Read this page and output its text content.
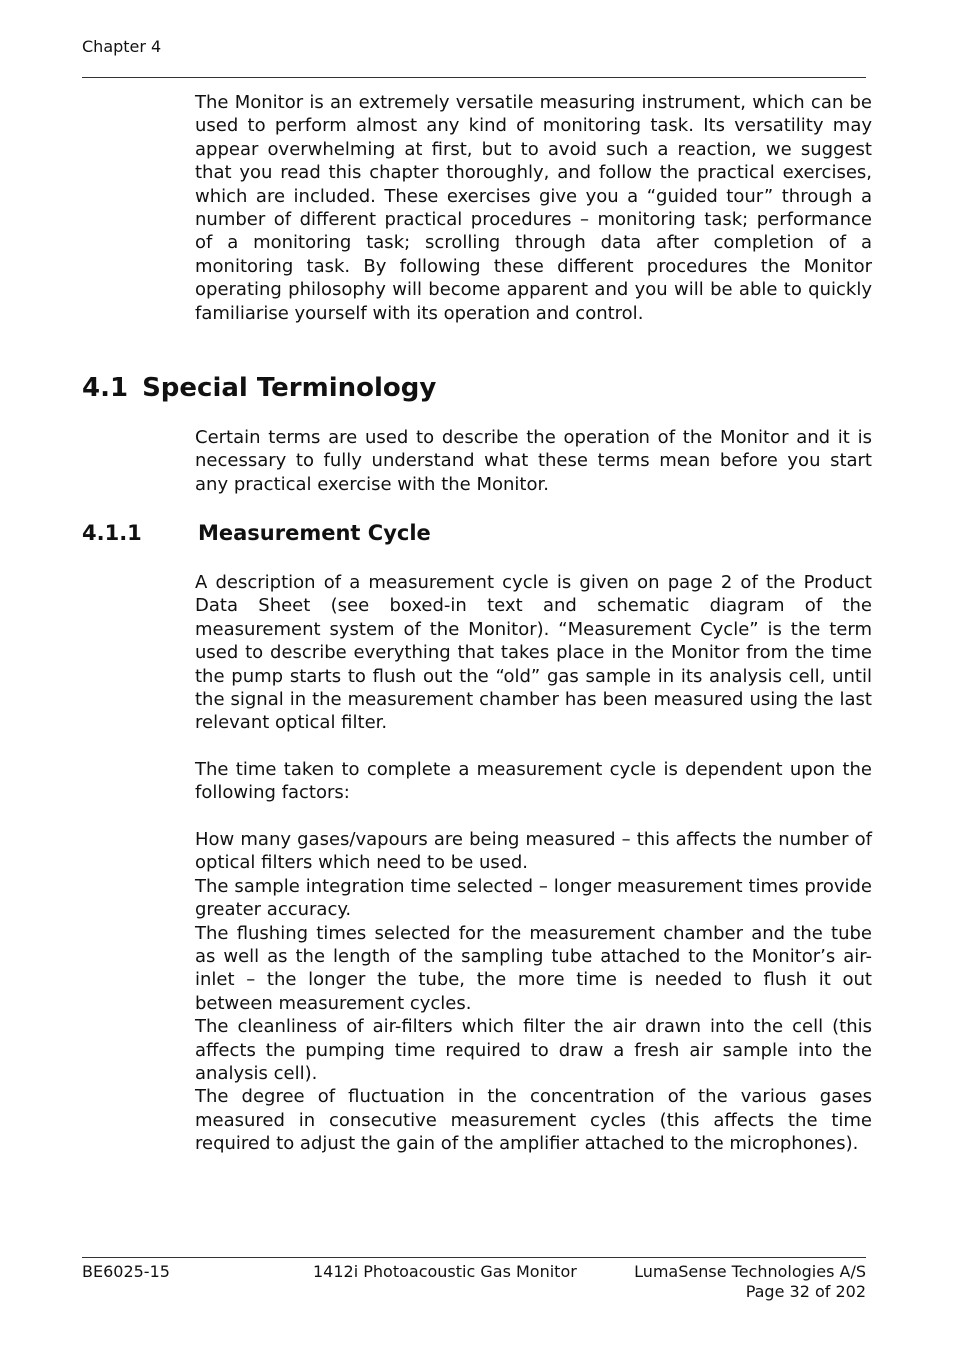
Chapter 4

The Monitor is an extremely versatile measuring instrument, which can be used to perform almost any kind of monitoring task. Its versatility may appear overwhelming at first, but to avoid such a reaction, we suggest that you read this chapter thoroughly, and follow the practical exercises, which are included. These exercises give you a “guided tour” through a number of different practical procedures – monitoring task; performance of a monitoring task; scrolling through data after completion of a monitoring task. By following these different procedures the Monitor operating philosophy will become apparent and you will be able to quickly familiarise yourself with its operation and control.

4.1 Special Terminology

Certain terms are used to describe the operation of the Monitor and it is necessary to fully understand what these terms mean before you start any practical exercise with the Monitor.

4.1.1	Measurement Cycle

A description of a measurement cycle is given on page 2 of the Product Data Sheet (see boxed-in text and schematic diagram of the measurement system of the Monitor). “Measurement Cycle” is the term used to describe everything that takes place in the Monitor from the time the pump starts to flush out the “old” gas sample in its analysis cell, until the signal in the measurement chamber has been measured using the last relevant optical filter.

The time taken to complete a measurement cycle is dependent upon the following factors:

How many gases/vapours are being measured – this affects the number of optical filters which need to be used.
The sample integration time selected – longer measurement times provide greater accuracy.
The flushing times selected for the measurement chamber and the tube as well as the length of the sampling tube attached to the Monitor’s air-inlet – the longer the tube, the more time is needed to flush it out between measurement cycles.
The cleanliness of air-filters which filter the air drawn into the cell (this affects the pumping time required to draw a fresh air sample into the analysis cell).
The degree of fluctuation in the concentration of the various gases measured in consecutive measurement cycles (this affects the time required to adjust the gain of the amplifier attached to the microphones).
BE6025-15	1412i Photoacoustic Gas Monitor	LumaSense Technologies A/S
Page 32 of 202
